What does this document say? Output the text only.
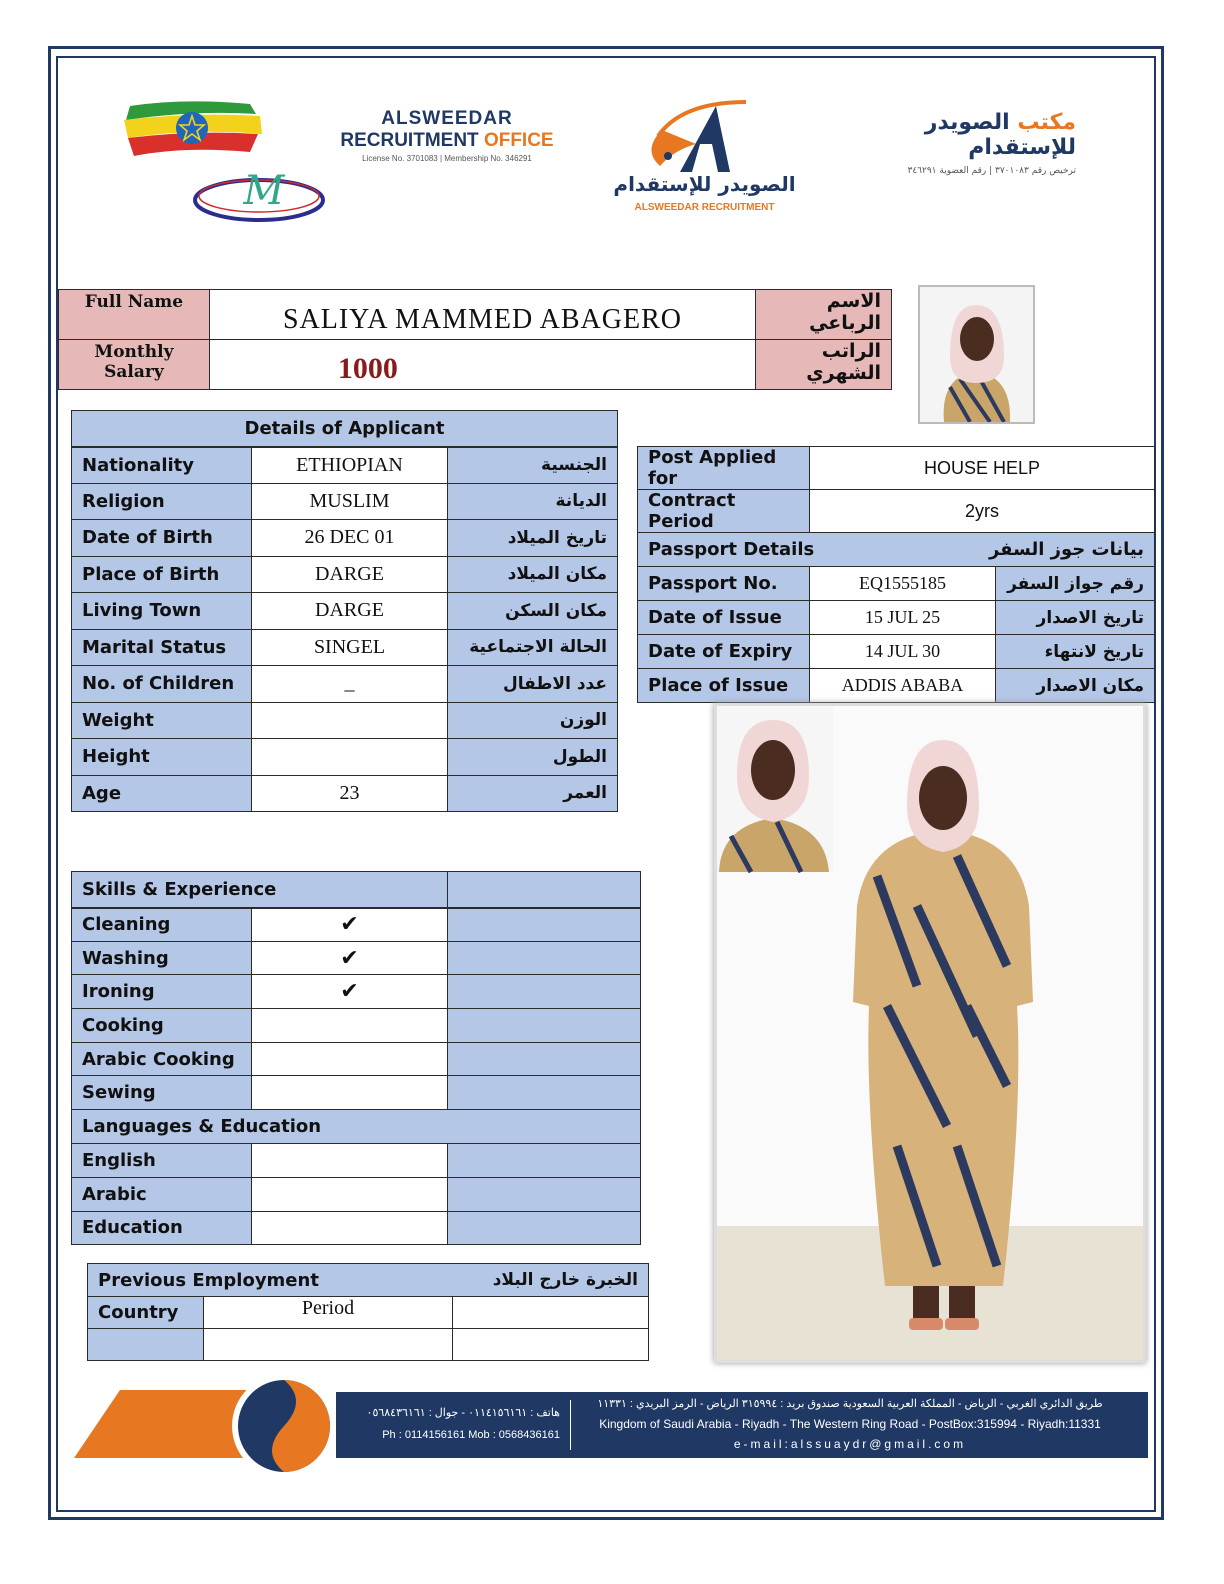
M
ALSWEEDAR
RECRUITMENT OFFICE
License No. 3701083 | Membership No. 346291
الصويدر للإستقدام
ALSWEEDAR RECRUITMENT
مكتب الصويدر للإستقدام
ترخيص رقم ٣٧٠١٠٨٣ | رقم العضوية ٣٤٦٢٩١
Full Name	SALIYA MAMMED ABAGERO	الاسم الرباعي

Monthly Salary	1000	الراتب الشهري
Details of Applicant		
Nationality	ETHIOPIAN	الجنسية

Religion	MUSLIM	الديانة

Date of Birth	26 DEC 01	تاريخ الميلاد

Place of Birth	DARGE	مكان الميلاد

Living Town	DARGE	مكان السكن

Marital Status	SINGEL	الحالة الاجتماعية

No. of Children	_	عدد الاطفال

Weight		الوزن

Height		الطول

Age	23	العمر
Post Applied for	HOUSE HELP	
Contract Period	2yrs	
Passport Details بيانات جوز السفر		

Passport No.	EQ1555185	رقم جواز السفر

Date of Issue	15 JUL 25	تاريخ الاصدار

Date of Expiry	14 JUL 30	تاريخ لانتهاء

Place of Issue	ADDIS ABABA	مكان الاصدار
Skills & Experience		
Cleaning	✔	
Washing	✔	
Ironing	✔	
Cooking		
Arabic Cooking		
Sewing		
Languages & Education		
English		
Arabic		
Education		
Previous Employment الخبرة خارج البلاد		

Country	Period	

هاتف : ٠١١٤١٥٦١٦١ - جوال : ٠٥٦٨٤٣٦١٦١
Ph : 0114156161 Mob : 0568436161
طريق الدائري الغربي - الرياض - المملكة العربية السعودية صندوق بريد : ٣١٥٩٩٤ الرياض - الرمز البريدي : ١١٣٣١
Kingdom of Saudi Arabia - Riyadh - The Western Ring Road - PostBox:315994 - Riyadh:11331
e-mail:alssuaydr@gmail.com
